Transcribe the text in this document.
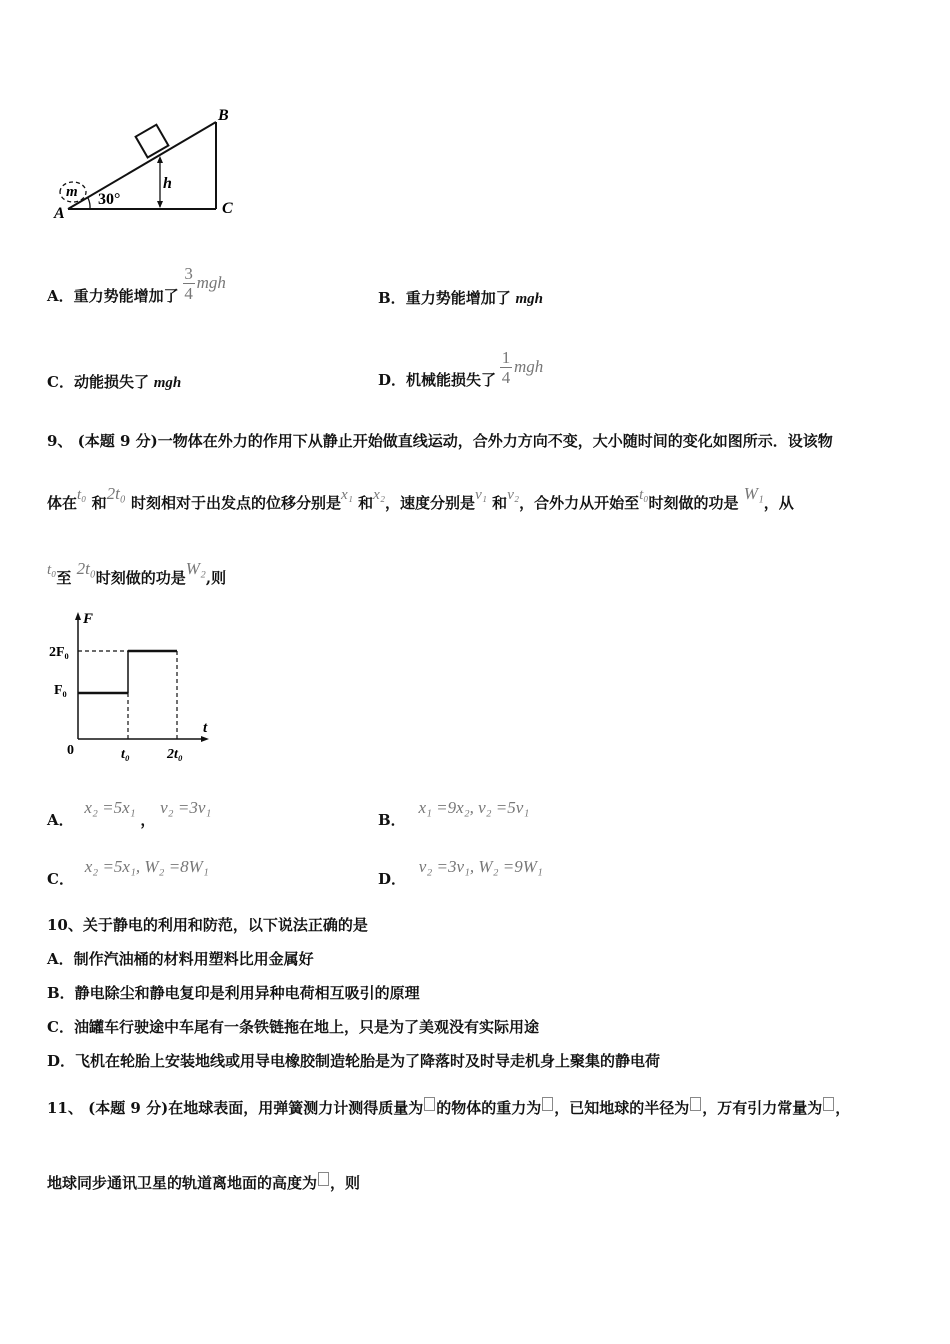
m	h
30°
A
B
C
A． 重力势能增加了 $\frac{3}{4}$ mgh
B．重力势能增加了 mgh
C．动能损失了 mgh	D． 机械能损失了 $\frac{1}{4}$ mgh
9、 (本题 9 分)一物体在外力的作用下从静止开始做直线运动，合外力方向不变，大小随时间的变化如图所示．设该物
体在t₀ 和2t₀ 时刻相对于出发点的位移分别是x₁ 和x₂，速度分别是v₁ 和v₂，合外力从开始至t₀时刻做的功是 W₁，从
t₀至 2t₀时刻做的功是W₂,则
F
t
0
2F₀
F₀
t₀	2t₀
A． x₂ =5x₁ ， v₂ =3v₁
B． x₁ =9x₂, v₂ =5v₁
C． x₂ =5x₁, W₂ =8W₁
D． v₂ =3v₁, W₂ =9W₁
10、关于静电的利用和防范，以下说法正确的是
A．制作汽油桶的材料用塑料比用金属好
B．静电除尘和静电复印是利用异种电荷相互吸引的原理
C．油罐车行驶途中车尾有一条铁链拖在地上，只是为了美观没有实际用途
D．飞机在轮胎上安装地线或用导电橡胶制造轮胎是为了降落时及时导走机身上聚集的静电荷
11、 (本题 9 分)在地球表面，用弹簧测力计测得质量为 的物体的重力为 ，已知地球的半径为 ，万有引力常量为 ，
地球同步通讯卫星的轨道离地面的高度为 ，则
